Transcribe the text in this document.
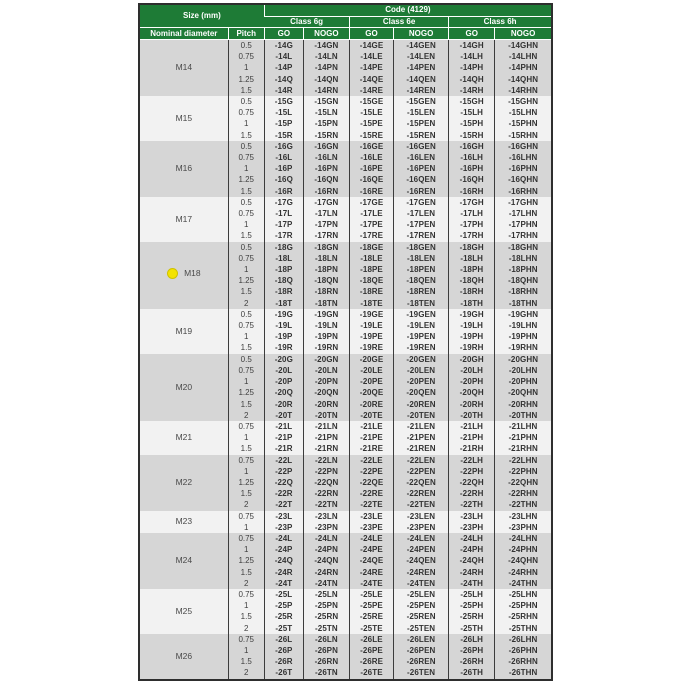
Size (mm)		Code (4129)					
		Class 6g		Class 6e		Class 6h	
Nominal diameter	Pitch	GO	NOGO	GO	NOGO	GO	NOGO

M14	0.5	-14G	-14GN	-14GE	-14GEN	-14GH	-14GHN
	0.75	-14L	-14LN	-14LE	-14LEN	-14LH	-14LHN
	1	-14P	-14PN	-14PE	-14PEN	-14PH	-14PHN
	1.25	-14Q	-14QN	-14QE	-14QEN	-14QH	-14QHN
	1.5	-14R	-14RN	-14RE	-14REN	-14RH	-14RHN

M15	0.5	-15G	-15GN	-15GE	-15GEN	-15GH	-15GHN
	0.75	-15L	-15LN	-15LE	-15LEN	-15LH	-15LHN
	1	-15P	-15PN	-15PE	-15PEN	-15PH	-15PHN
	1.5	-15R	-15RN	-15RE	-15REN	-15RH	-15RHN

M16	0.5	-16G	-16GN	-16GE	-16GEN	-16GH	-16GHN
	0.75	-16L	-16LN	-16LE	-16LEN	-16LH	-16LHN
	1	-16P	-16PN	-16PE	-16PEN	-16PH	-16PHN
	1.25	-16Q	-16QN	-16QE	-16QEN	-16QH	-16QHN
	1.5	-16R	-16RN	-16RE	-16REN	-16RH	-16RHN

M17	0.5	-17G	-17GN	-17GE	-17GEN	-17GH	-17GHN
	0.75	-17L	-17LN	-17LE	-17LEN	-17LH	-17LHN
	1	-17P	-17PN	-17PE	-17PEN	-17PH	-17PHN
	1.5	-17R	-17RN	-17RE	-17REN	-17RH	-17RHN

M18	0.5	-18G	-18GN	-18GE	-18GEN	-18GH	-18GHN
	0.75	-18L	-18LN	-18LE	-18LEN	-18LH	-18LHN
	1	-18P	-18PN	-18PE	-18PEN	-18PH	-18PHN
	1.25	-18Q	-18QN	-18QE	-18QEN	-18QH	-18QHN
	1.5	-18R	-18RN	-18RE	-18REN	-18RH	-18RHN
	2	-18T	-18TN	-18TE	-18TEN	-18TH	-18THN

M19	0.5	-19G	-19GN	-19GE	-19GEN	-19GH	-19GHN
	0.75	-19L	-19LN	-19LE	-19LEN	-19LH	-19LHN
	1	-19P	-19PN	-19PE	-19PEN	-19PH	-19PHN
	1.5	-19R	-19RN	-19RE	-19REN	-19RH	-19RHN

M20	0.5	-20G	-20GN	-20GE	-20GEN	-20GH	-20GHN
	0.75	-20L	-20LN	-20LE	-20LEN	-20LH	-20LHN
	1	-20P	-20PN	-20PE	-20PEN	-20PH	-20PHN
	1.25	-20Q	-20QN	-20QE	-20QEN	-20QH	-20QHN
	1.5	-20R	-20RN	-20RE	-20REN	-20RH	-20RHN
	2	-20T	-20TN	-20TE	-20TEN	-20TH	-20THN

M21	0.75	-21L	-21LN	-21LE	-21LEN	-21LH	-21LHN
	1	-21P	-21PN	-21PE	-21PEN	-21PH	-21PHN
	1.5	-21R	-21RN	-21RE	-21REN	-21RH	-21RHN

M22	0.75	-22L	-22LN	-22LE	-22LEN	-22LH	-22LHN
	1	-22P	-22PN	-22PE	-22PEN	-22PH	-22PHN
	1.25	-22Q	-22QN	-22QE	-22QEN	-22QH	-22QHN
	1.5	-22R	-22RN	-22RE	-22REN	-22RH	-22RHN
	2	-22T	-22TN	-22TE	-22TEN	-22TH	-22THN

M23	0.75	-23L	-23LN	-23LE	-23LEN	-23LH	-23LHN
	1	-23P	-23PN	-23PE	-23PEN	-23PH	-23PHN

M24	0.75	-24L	-24LN	-24LE	-24LEN	-24LH	-24LHN
	1	-24P	-24PN	-24PE	-24PEN	-24PH	-24PHN
	1.25	-24Q	-24QN	-24QE	-24QEN	-24QH	-24QHN
	1.5	-24R	-24RN	-24RE	-24REN	-24RH	-24RHN
	2	-24T	-24TN	-24TE	-24TEN	-24TH	-24THN

M25	0.75	-25L	-25LN	-25LE	-25LEN	-25LH	-25LHN
	1	-25P	-25PN	-25PE	-25PEN	-25PH	-25PHN
	1.5	-25R	-25RN	-25RE	-25REN	-25RH	-25RHN
	2	-25T	-25TN	-25TE	-25TEN	-25TH	-25THN

M26	0.75	-26L	-26LN	-26LE	-26LEN	-26LH	-26LHN
	1	-26P	-26PN	-26PE	-26PEN	-26PH	-26PHN
	1.5	-26R	-26RN	-26RE	-26REN	-26RH	-26RHN
	2	-26T	-26TN	-26TE	-26TEN	-26TH	-26THN
